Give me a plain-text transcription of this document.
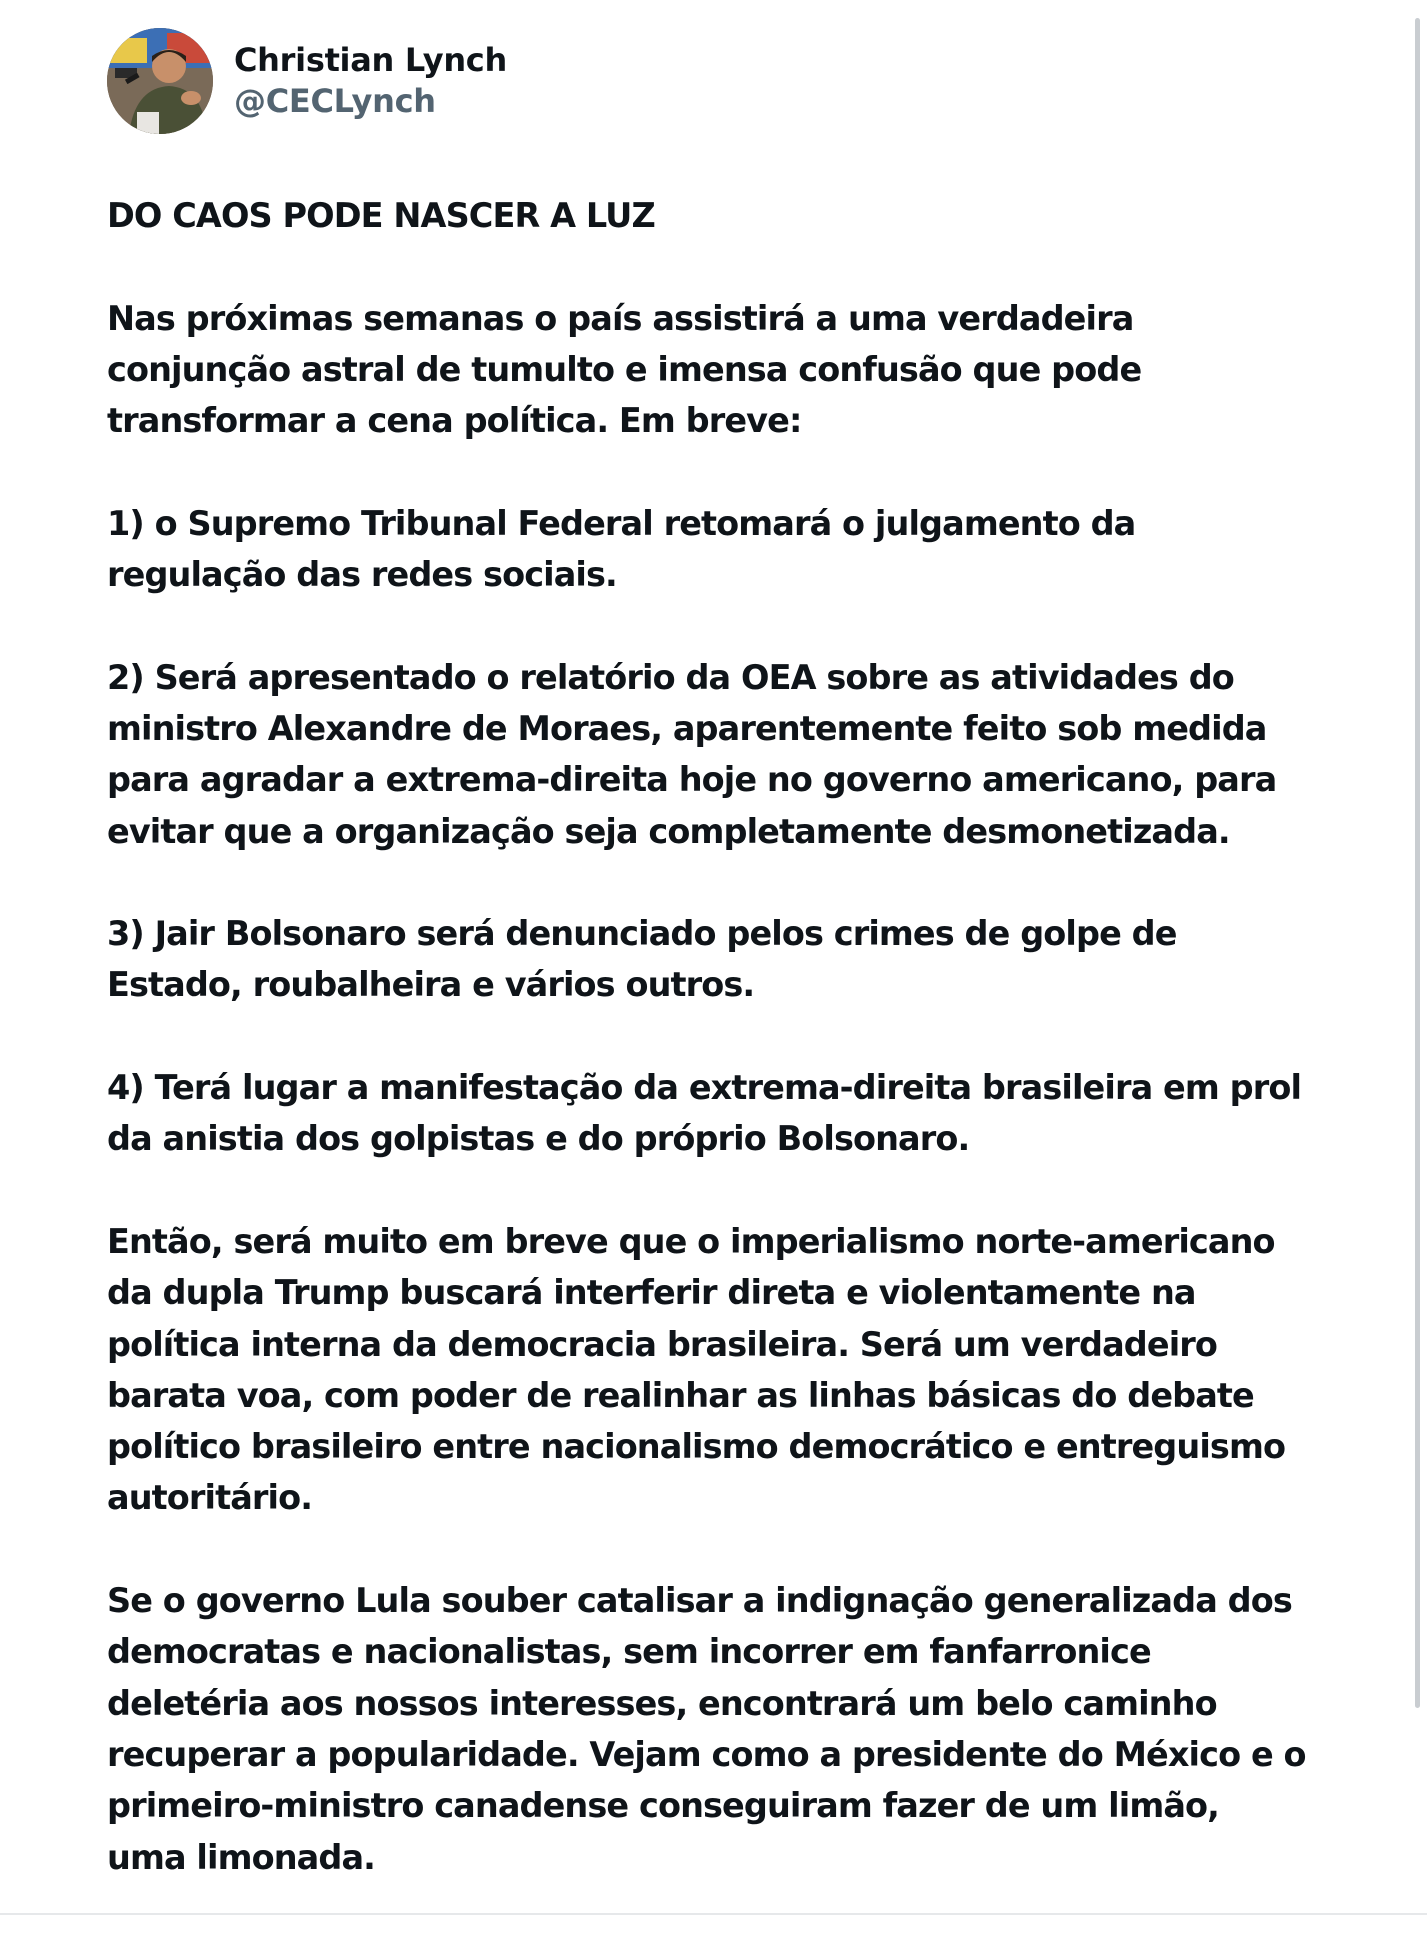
Christian Lynch
@CECLynch

DO CAOS PODE NASCER A LUZ

Nas próximas semanas o país assistirá a uma verdadeira
conjunção astral de tumulto e imensa confusão que pode
transformar a cena política. Em breve:

1) o Supremo Tribunal Federal retomará o julgamento da
regulação das redes sociais.

2) Será apresentado o relatório da OEA sobre as atividades do
ministro Alexandre de Moraes, aparentemente feito sob medida
para agradar a extrema-direita hoje no governo americano, para
evitar que a organização seja completamente desmonetizada.

3) Jair Bolsonaro será denunciado pelos crimes de golpe de
Estado, roubalheira e vários outros.

4) Terá lugar a manifestação da extrema-direita brasileira em prol
da anistia dos golpistas e do próprio Bolsonaro.

Então, será muito em breve que o imperialismo norte-americano
da dupla Trump buscará interferir direta e violentamente na
política interna da democracia brasileira. Será um verdadeiro
barata voa, com poder de realinhar as linhas básicas do debate
político brasileiro entre nacionalismo democrático e entreguismo
autoritário.

Se o governo Lula souber catalisar a indignação generalizada dos
democratas e nacionalistas, sem incorrer em fanfarronice
deletéria aos nossos interesses, encontrará um belo caminho
recuperar a popularidade. Vejam como a presidente do México e o
primeiro-ministro canadense conseguiram fazer de um limão,
uma limonada.
